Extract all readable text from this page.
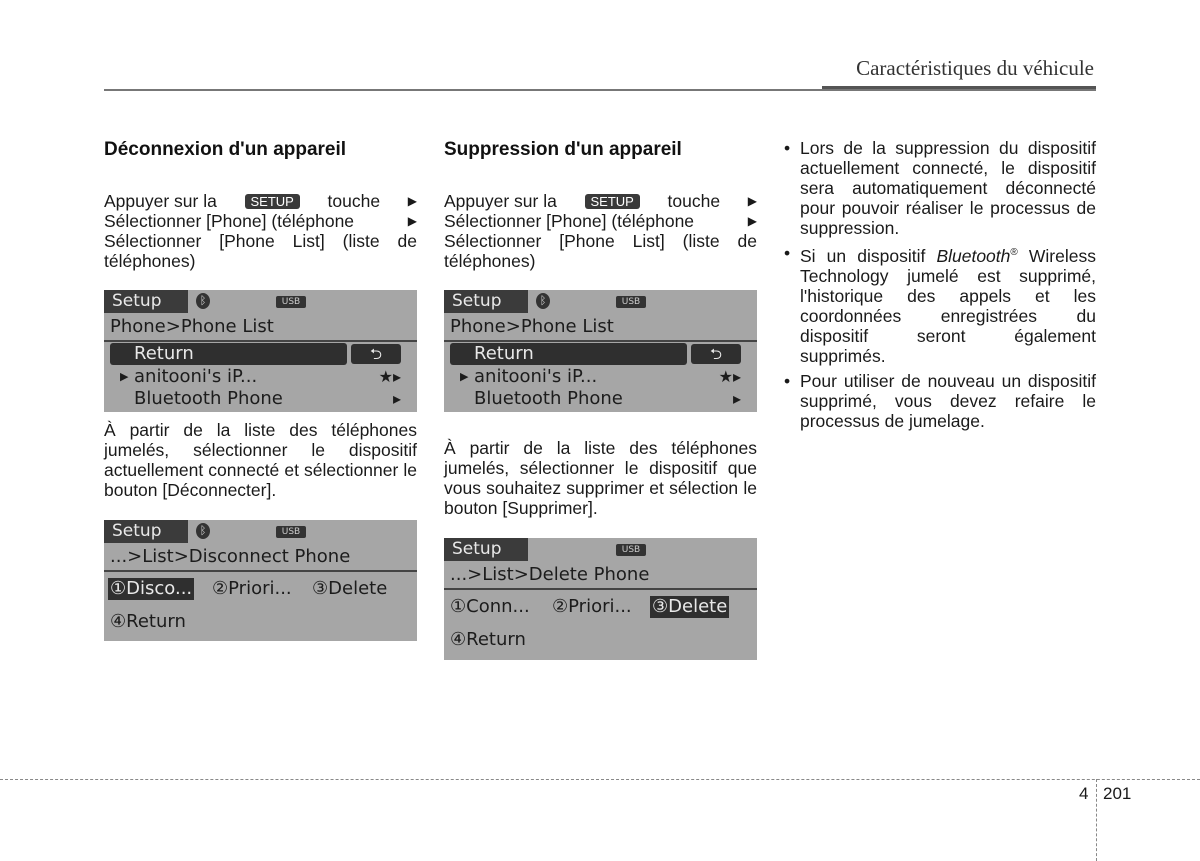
Caractéristiques du véhicule
Déconnexion d'un appareil
Appuyer sur la	SETUP	touche ▶
Sélectionner [Phone] (téléphone	▶
Sélectionner [Phone List] (liste de téléphones)
Setup	ᛒ	USB
Phone>Phone List
Return	⮌
▶ anitooni's iP...	★▸
Bluetooth Phone	▸

À partir de la liste des téléphones jumelés, sélectionner le dispositif actuellement connecté et sélectionner le bouton [Déconnecter].

Setup	ᛒ	USB
...>List>Disconnect Phone
①Disco... ②Priori... ③Delete
④Return
Suppression d'un appareil
Appuyer sur la	SETUP	touche ▶
Sélectionner [Phone] (téléphone	▶
Sélectionner [Phone List] (liste de téléphones)
Setup	ᛒ	USB
Phone>Phone List
Return	⮌
▶ anitooni's iP...	★▸
Bluetooth Phone	▸

À partir de la liste des téléphones jumelés, sélectionner le dispositif que vous souhaitez supprimer et sélection le bouton [Supprimer].

Setup	USB
...>List>Delete Phone
①Conn... ②Priori... ③Delete
④Return
• Lors de la suppression du dispositif actuellement connecté, le dispositif sera automatiquement déconnecté pour pouvoir réaliser le processus de suppression.
• Si un dispositif Bluetooth® Wireless Technology jumelé est supprimé, l'historique des appels et les coordonnées enregistrées du dispositif seront également supprimés.
• Pour utiliser de nouveau un dispositif supprimé, vous devez refaire le processus de jumelage.
4 201
